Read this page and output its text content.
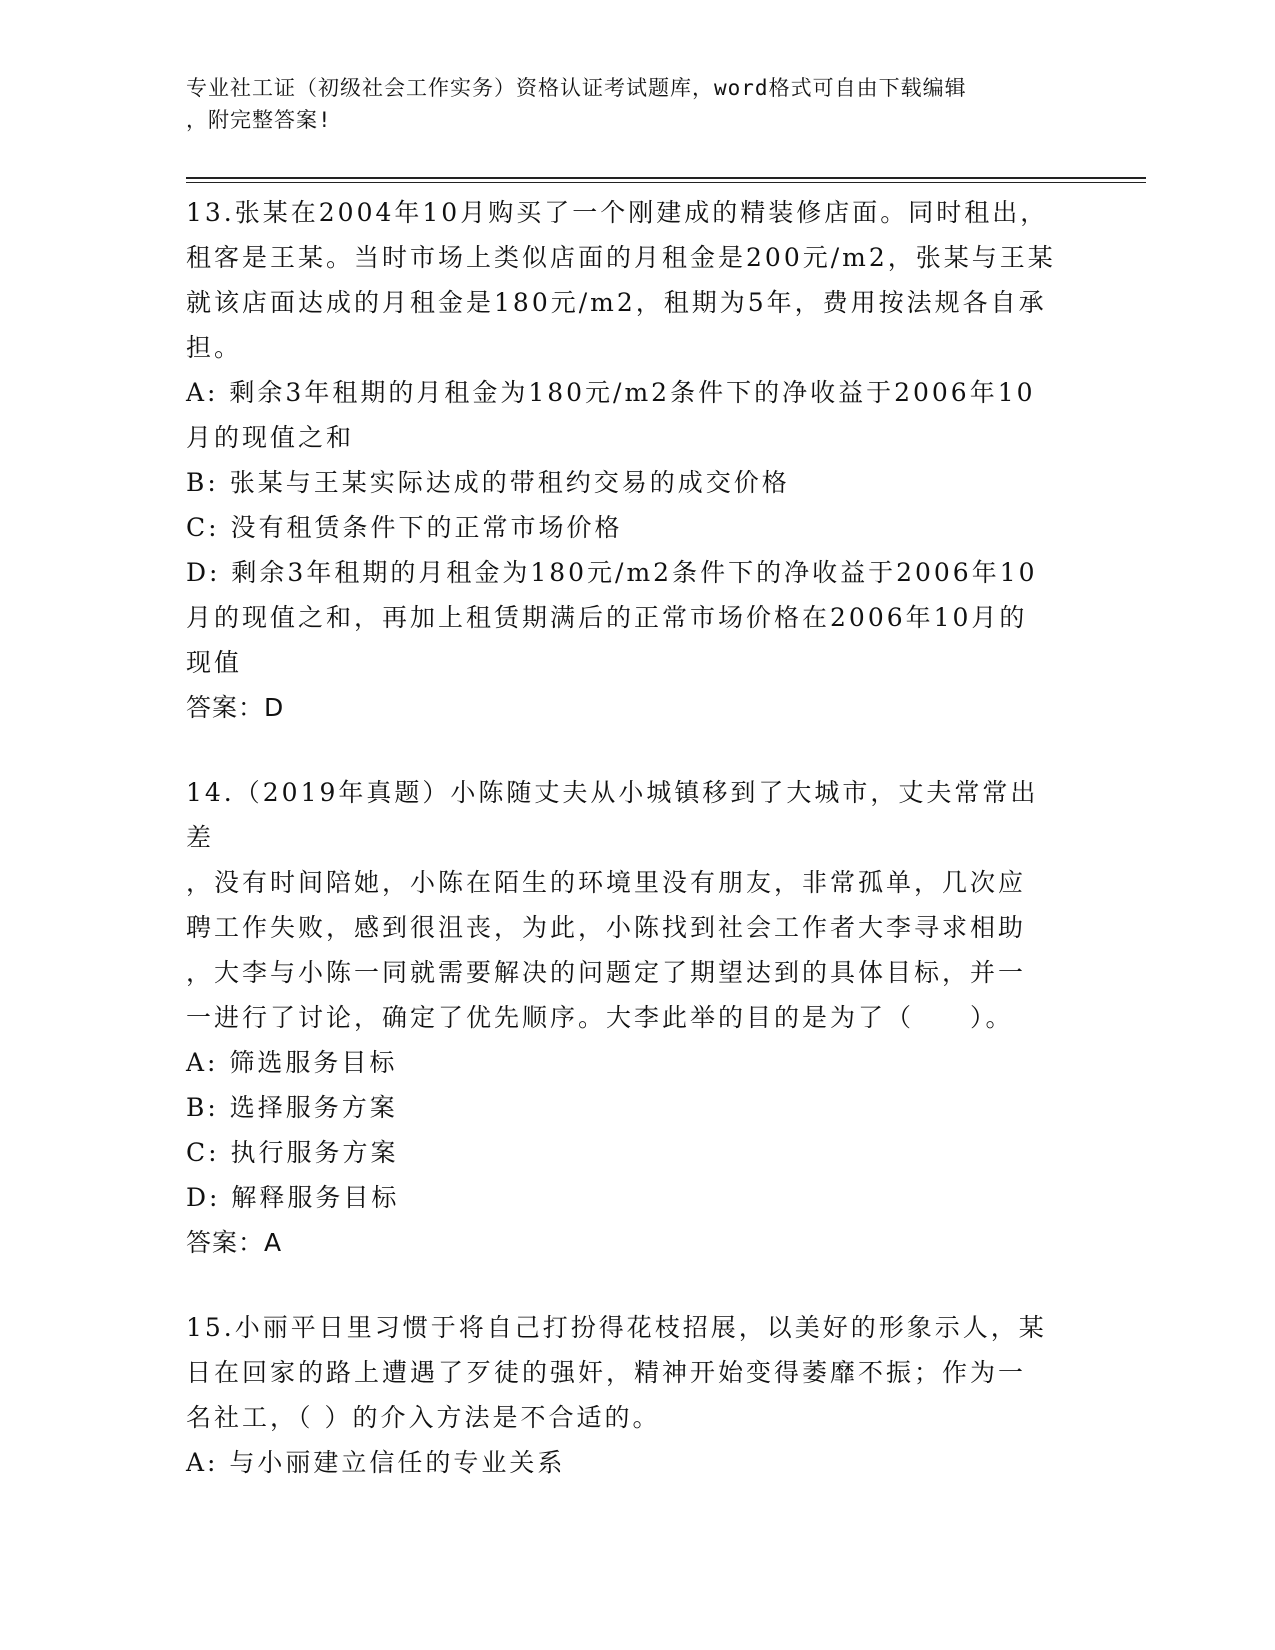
专业社工证（初级社会工作实务）资格认证考试题库，word格式可自由下载编辑
，附完整答案!

13.张某在2004年10月购买了一个刚建成的精装修店面。同时租出，

租客是王某。当时市场上类似店面的月租金是200元/m2，张某与王某

就该店面达成的月租金是180元/m2，租期为5年，费用按法规各自承

担。

A: 剩余3年租期的月租金为180元/m2条件下的净收益于2006年10

月的现值之和

B: 张某与王某实际达成的带租约交易的成交价格

C: 没有租赁条件下的正常市场价格

D: 剩余3年租期的月租金为180元/m2条件下的净收益于2006年10

月的现值之和，再加上租赁期满后的正常市场价格在2006年10月的

现值

答案：D

14.（2019年真题）小陈随丈夫从小城镇移到了大城市，丈夫常常出差

，没有时间陪她，小陈在陌生的环境里没有朋友，非常孤单，几次应

聘工作失败，感到很沮丧，为此，小陈找到社会工作者大李寻求相助

，大李与小陈一同就需要解决的问题定了期望达到的具体目标，并一

一进行了讨论，确定了优先顺序。大李此举的目的是为了（　　）。

A: 筛选服务目标

B: 选择服务方案

C: 执行服务方案

D: 解释服务目标

答案：A

15.小丽平日里习惯于将自己打扮得花枝招展，以美好的形象示人，某

日在回家的路上遭遇了歹徒的强奸，精神开始变得萎靡不振；作为一

名社工，（ ）的介入方法是不合适的。

A: 与小丽建立信任的专业关系
